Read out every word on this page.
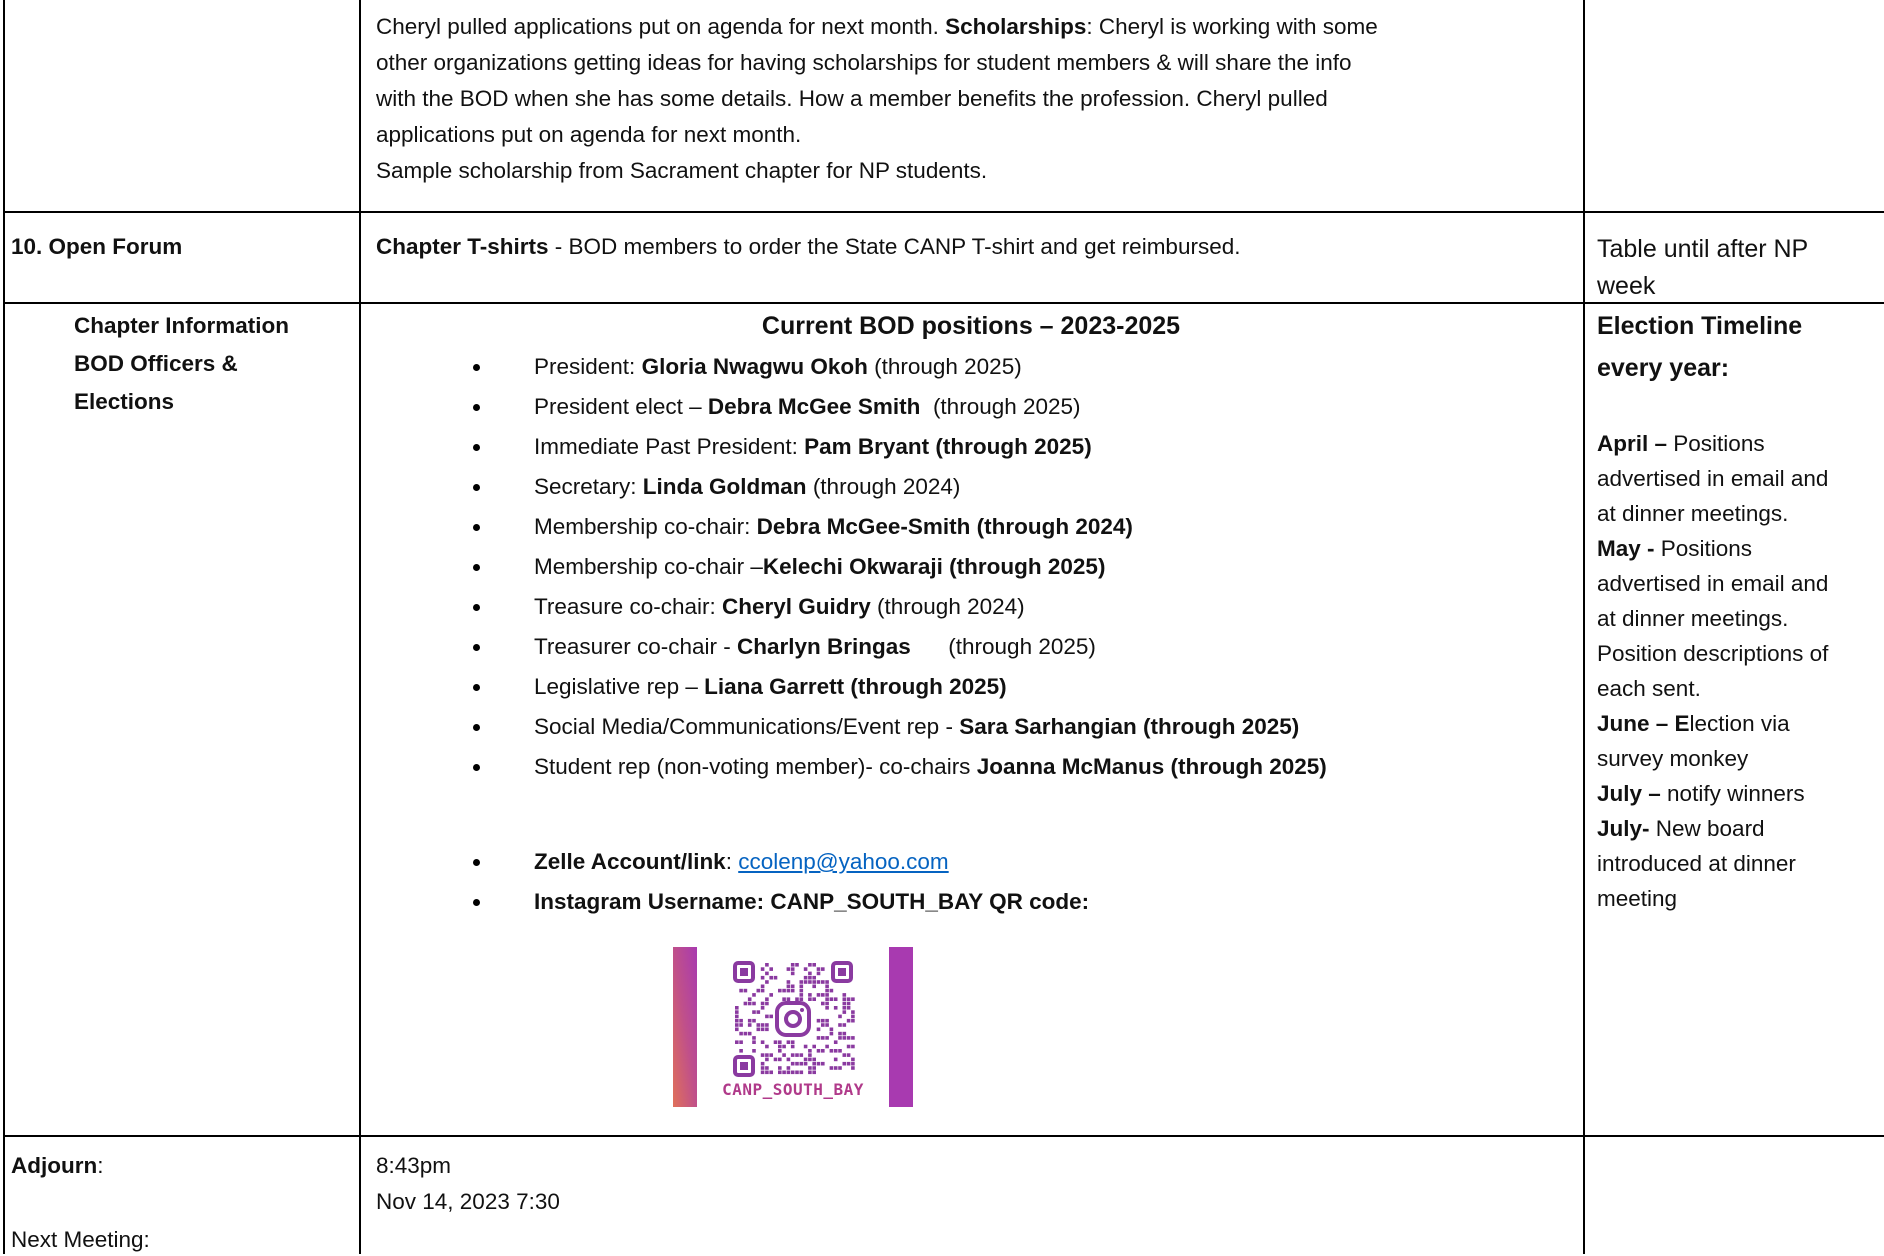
Cheryl pulled applications put on agenda for next month. Scholarships: Cheryl is working with some
other organizations getting ideas for having scholarships for student members & will share the info
with the BOD when she has some details. How a member benefits the profession. Cheryl pulled
applications put on agenda for next month.
Sample scholarship from Sacrament chapter for NP students.
10. Open Forum	Chapter T-shirts - BOD members to order the State CANP T-shirt and get reimbursed.	Table until after NP
week
Chapter Information
BOD Officers &
Elections
Current BOD positions – 2023-2025
President: Gloria Nwagwu Okoh (through 2025)
President elect – Debra McGee Smith  (through 2025)
Immediate Past President: Pam Bryant (through 2025)
Secretary: Linda Goldman (through 2024)
Membership co-chair: Debra McGee-Smith (through 2024)
Membership co-chair –Kelechi Okwaraji (through 2025)
Treasure co-chair: Cheryl Guidry (through 2024)
Treasurer co-chair - Charlyn Bringas      (through 2025)
Legislative rep – Liana Garrett (through 2025)
Social Media/Communications/Event rep - Sara Sarhangian (through 2025)
Student rep (non-voting member)- co-chairs Joanna McManus (through 2025)
Zelle Account/link: ccolenp@yahoo.com
Instagram Username: CANP_SOUTH_BAY QR code:
CANP_SOUTH_BAY
Election Timeline
every year:
April – Positions
advertised in email and
at dinner meetings.
May - Positions
advertised in email and
at dinner meetings.
Position descriptions of
each sent.
June – Election via
survey monkey
July – notify winners
July- New board
introduced at dinner
meeting
Adjourn:
Next Meeting:
8:43pm
Nov 14, 2023 7:30
